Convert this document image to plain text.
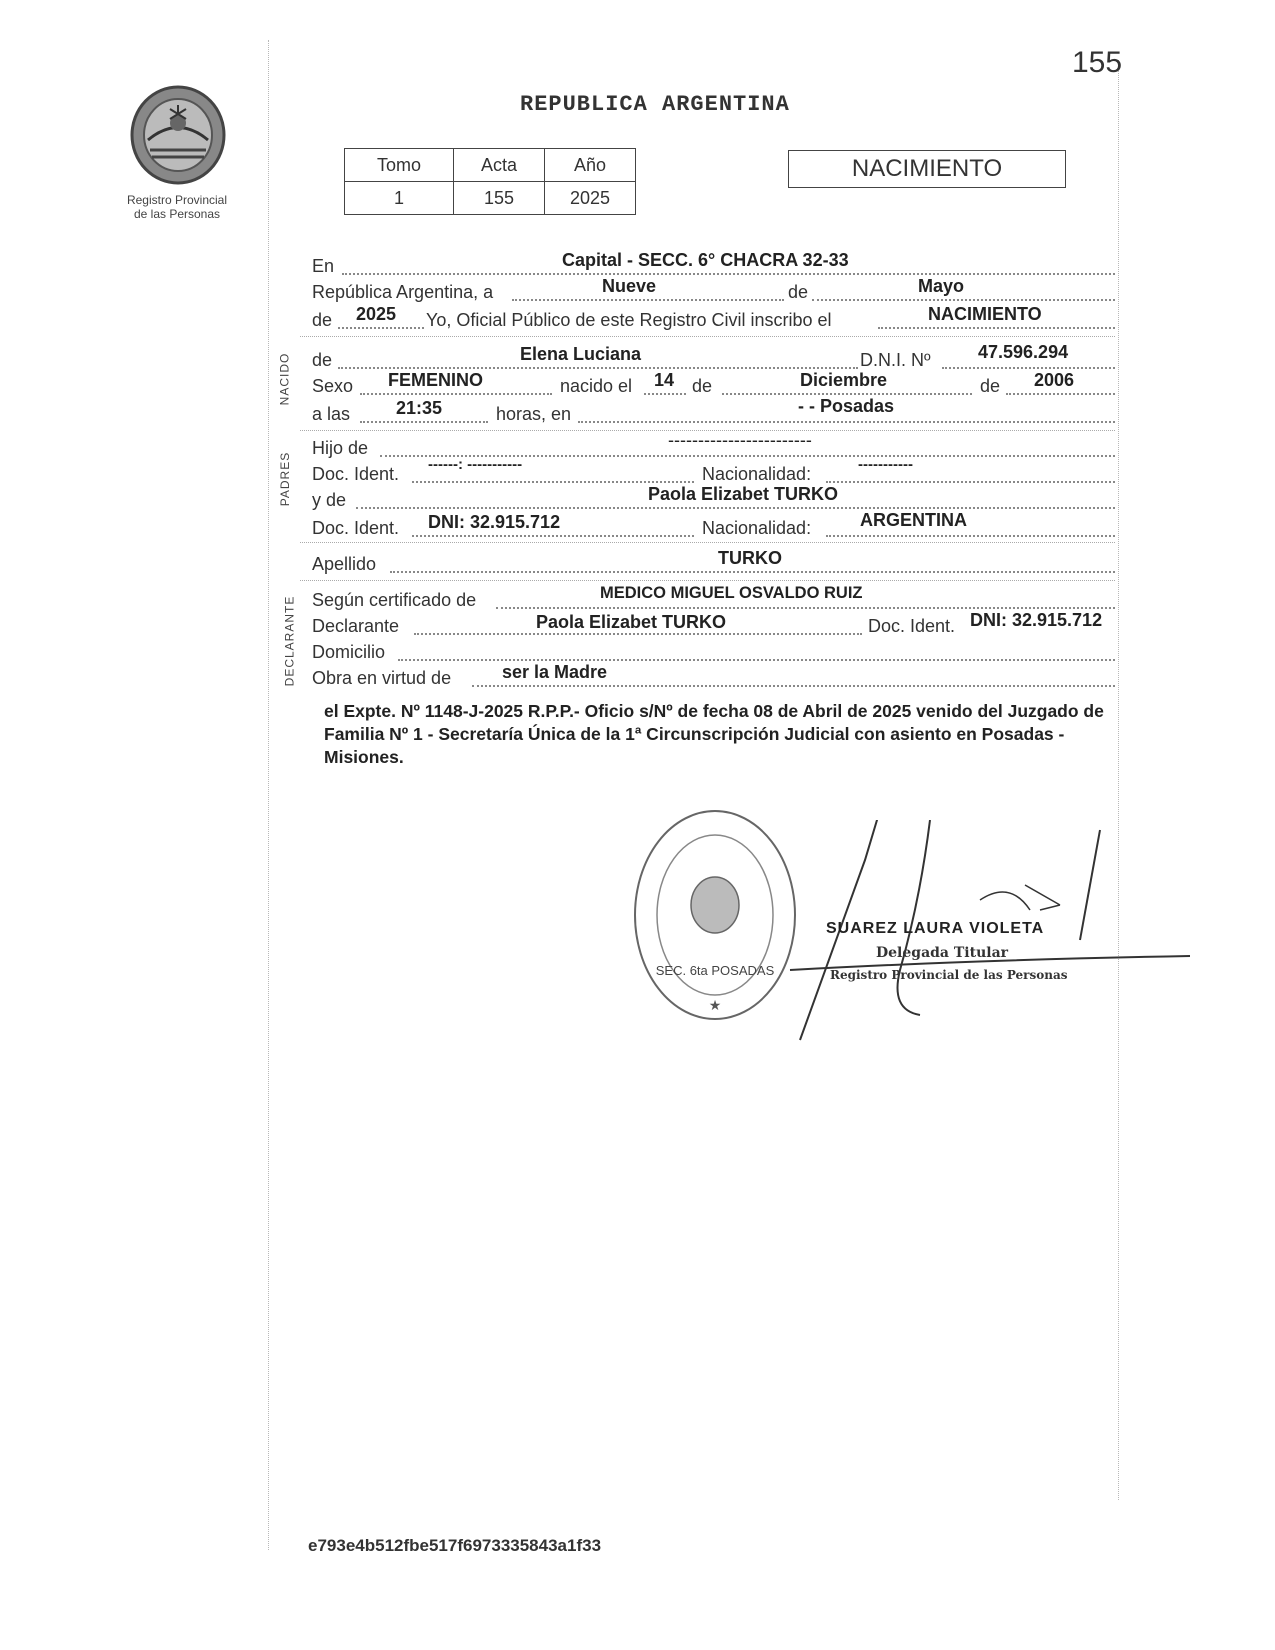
155
Registro Provincial
de las Personas
REPUBLICA ARGENTINA
Tomo	Acta	Año
1	155	2025
NACIMIENTO
En	Capital - SECC. 6° CHACRA 32-33
República Argentina, a	Nueve	de	Mayo
de 2025 Yo, Oficial Público de este Registro Civil inscribo el	NACIMIENTO
NACIDO de	Elena Luciana	D.N.I. Nº	47.596.294
Sexo FEMENINO	nacido el 14 de	Diciembre	de 2006
a las	21:35	horas, en	- - Posadas
PADRES
Hijo de	------------------------
Doc. Ident. ------: -----------	Nacionalidad:	-----------
y de	Paola Elizabet TURKO
Doc. Ident. DNI: 32.915.712	Nacionalidad:	ARGENTINA
Apellido	TURKO
DECLARANTE Según certificado de	MEDICO MIGUEL OSVALDO RUIZ
Declarante	Paola Elizabet TURKO	Doc. Ident. DNI: 32.915.712
Domicilio
Obra en virtud de	ser la Madre
el Expte. Nº 1148-J-2025 R.P.P.- Oficio s/Nº de fecha 08 de Abril de 2025 venido del Juzgado de Familia Nº 1 - Secretaría Única de la 1ª Circunscripción Judicial con asiento en Posadas - Misiones.
SEC. 6ta POSADAS
★
SUAREZ LAURA VIOLETA
Delegada Titular
Registro Provincial de las Personas
e793e4b512fbe517f6973335843a1f33
